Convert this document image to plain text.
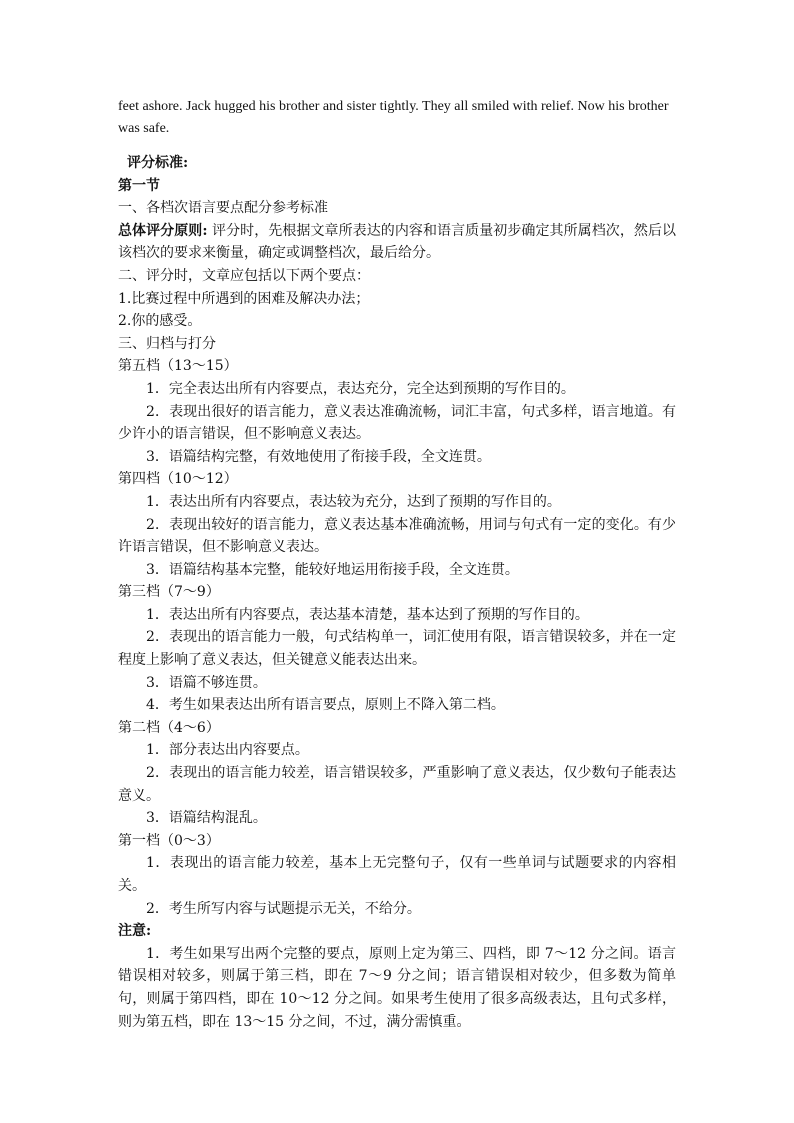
feet ashore. Jack hugged his brother and sister tightly. They all smiled with relief. Now his brother
was safe.

评分标准:

第一节

一、各档次语言要点配分参考标准

总体评分原则: 评分时，先根据文章所表达的内容和语言质量初步确定其所属档次，然后以该档次的要求来衡量，确定或调整档次，最后给分。

二、评分时，文章应包括以下两个要点：

1.比赛过程中所遇到的困难及解决办法；

2.你的感受。

三、归档与打分

第五档（13～15）

1．完全表达出所有内容要点，表达充分，完全达到预期的写作目的。

2．表现出很好的语言能力，意义表达准确流畅，词汇丰富，句式多样，语言地道。有少许小的语言错误，但不影响意义表达。

3．语篇结构完整，有效地使用了衔接手段，全文连贯。

第四档（10～12）

1．表达出所有内容要点，表达较为充分，达到了预期的写作目的。

2．表现出较好的语言能力，意义表达基本准确流畅，用词与句式有一定的变化。有少许语言错误，但不影响意义表达。

3．语篇结构基本完整，能较好地运用衔接手段，全文连贯。

第三档（7～9）

1．表达出所有内容要点，表达基本清楚，基本达到了预期的写作目的。

2．表现出的语言能力一般，句式结构单一，词汇使用有限，语言错误较多，并在一定程度上影响了意义表达，但关键意义能表达出来。

3．语篇不够连贯。

4．考生如果表达出所有语言要点，原则上不降入第二档。

第二档（4～6）

1．部分表达出内容要点。

2．表现出的语言能力较差，语言错误较多，严重影响了意义表达，仅少数句子能表达意义。

3．语篇结构混乱。

第一档（0～3）

1．表现出的语言能力较差，基本上无完整句子，仅有一些单词与试题要求的内容相关。

2．考生所写内容与试题提示无关，不给分。

注意:

1．考生如果写出两个完整的要点，原则上定为第三、四档，即 7～12 分之间。语言错误相对较多，则属于第三档，即在 7～9 分之间；语言错误相对较少，但多数为简单句，则属于第四档，即在 10～12 分之间。如果考生使用了很多高级表达，且句式多样，则为第五档，即在 13～15 分之间，不过，满分需慎重。
